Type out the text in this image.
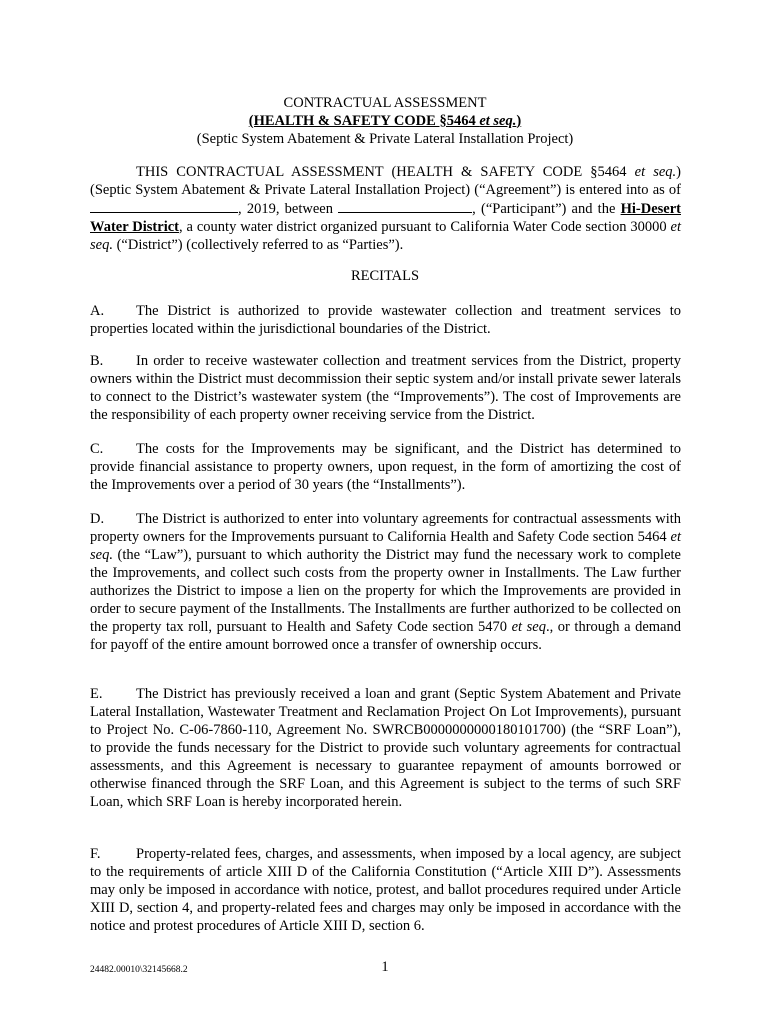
CONTRACTUAL ASSESSMENT
(HEALTH & SAFETY CODE §5464 et seq.)
(Septic System Abatement & Private Lateral Installation Project)
THIS CONTRACTUAL ASSESSMENT (HEALTH & SAFETY CODE §5464 et seq.) (Septic System Abatement & Private Lateral Installation Project) (“Agreement”) is entered into as of , 2019, between	, (“Participant”) and the Hi-Desert Water District, a county water district organized pursuant to California Water Code section 30000 et seq. (“District”) (collectively referred to as “Parties”).
RECITALS
A. The District is authorized to provide wastewater collection and treatment services to properties located within the jurisdictional boundaries of the District.
B. In order to receive wastewater collection and treatment services from the District, property owners within the District must decommission their septic system and/or install private sewer laterals to connect to the District’s wastewater system (the “Improvements”). The cost of Improvements are the responsibility of each property owner receiving service from the District.
C. The costs for the Improvements may be significant, and the District has determined to provide financial assistance to property owners, upon request, in the form of amortizing the cost of the Improvements over a period of 30 years (the “Installments”).
D. The District is authorized to enter into voluntary agreements for contractual assessments with property owners for the Improvements pursuant to California Health and Safety Code section 5464 et seq. (the “Law”), pursuant to which authority the District may fund the necessary work to complete the Improvements, and collect such costs from the property owner in Installments. The Law further authorizes the District to impose a lien on the property for which the Improvements are provided in order to secure payment of the Installments. The Installments are further authorized to be collected on the property tax roll, pursuant to Health and Safety Code section 5470 et seq., or through a demand for payoff of the entire amount borrowed once a transfer of ownership occurs.
E. The District has previously received a loan and grant (Septic System Abatement and Private Lateral Installation, Wastewater Treatment and Reclamation Project On Lot Improvements), pursuant to Project No. C-06-7860-110, Agreement No. SWRCB0000000000180101700) (the “SRF Loan”), to provide the funds necessary for the District to provide such voluntary agreements for contractual assessments, and this Agreement is necessary to guarantee repayment of amounts borrowed or otherwise financed through the SRF Loan, and this Agreement is subject to the terms of such SRF Loan, which SRF Loan is hereby incorporated herein.
F. Property-related fees, charges, and assessments, when imposed by a local agency, are subject to the requirements of article XIII D of the California Constitution (“Article XIII D”). Assessments may only be imposed in accordance with notice, protest, and ballot procedures required under Article XIII D, section 4, and property-related fees and charges may only be imposed in accordance with the notice and protest procedures of Article XIII D, section 6.
24482.00010\32145668.2	1
